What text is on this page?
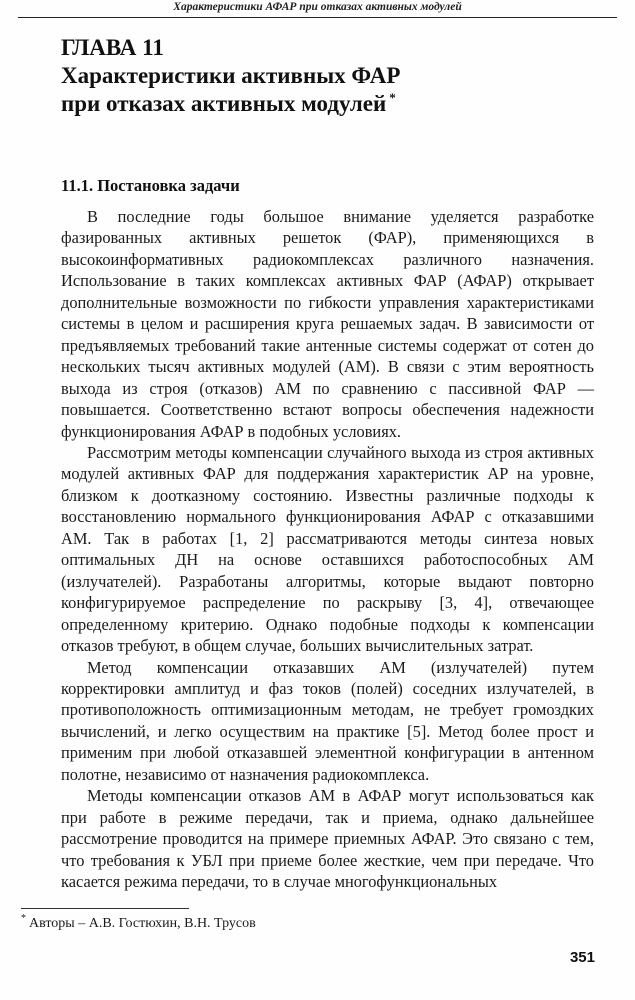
Характеристики АФАР при отказах активных модулей
ГЛАВА 11
Характеристики активных ФАР
при отказах активных модулей *
11.1. Постановка задачи

В последние годы большое внимание уделяется разработке фазированных активных решеток (ФАР), применяющихся в высокоинформативных радиокомплексах различного назначения. Использование в таких комплексах активных ФАР (АФАР) открывает дополнительные возможности по гибкости управления характеристиками системы в целом и расширения круга решаемых задач. В зависимости от предъявляемых требований такие антенные системы содержат от сотен до нескольких тысяч активных модулей (АМ). В связи с этим вероятность выхода из строя (отказов) АМ по сравнению с пассивной ФАР — повышается. Соответственно встают вопросы обеспечения надежности функционирования АФАР в подобных условиях.

Рассмотрим методы компенсации случайного выхода из строя активных модулей активных ФАР для поддержания характеристик АР на уровне, близком к доотказному состоянию. Известны различные подходы к восстановлению нормального функционирования АФАР с отказавшими АМ. Так в работах [1, 2] рассматриваются методы синтеза новых оптимальных ДН на основе оставшихся работоспособных АМ (излучателей). Разработаны алгоритмы, которые выдают повторно конфигурируемое распределение по раскрыву [3, 4], отвечающее определенному критерию. Однако подобные подходы к компенсации отказов требуют, в общем случае, больших вычислительных затрат.

Метод компенсации отказавших АМ (излучателей) путем корректировки амплитуд и фаз токов (полей) соседних излучателей, в противоположность оптимизационным методам, не требует громоздких вычислений, и легко осуществим на практике [5]. Метод более прост и применим при любой отказавшей элементной конфигурации в антенном полотне, независимо от назначения радиокомплекса.

Методы компенсации отказов АМ в АФАР могут использоваться как при работе в режиме передачи, так и приема, однако дальнейшее рассмотрение проводится на примере приемных АФАР. Это связано с тем, что требования к УБЛ при приеме более жесткие, чем при передаче. Что касается режима передачи, то в случае многофункциональных

* Авторы – А.В. Гостюхин, В.Н. Трусов
351
